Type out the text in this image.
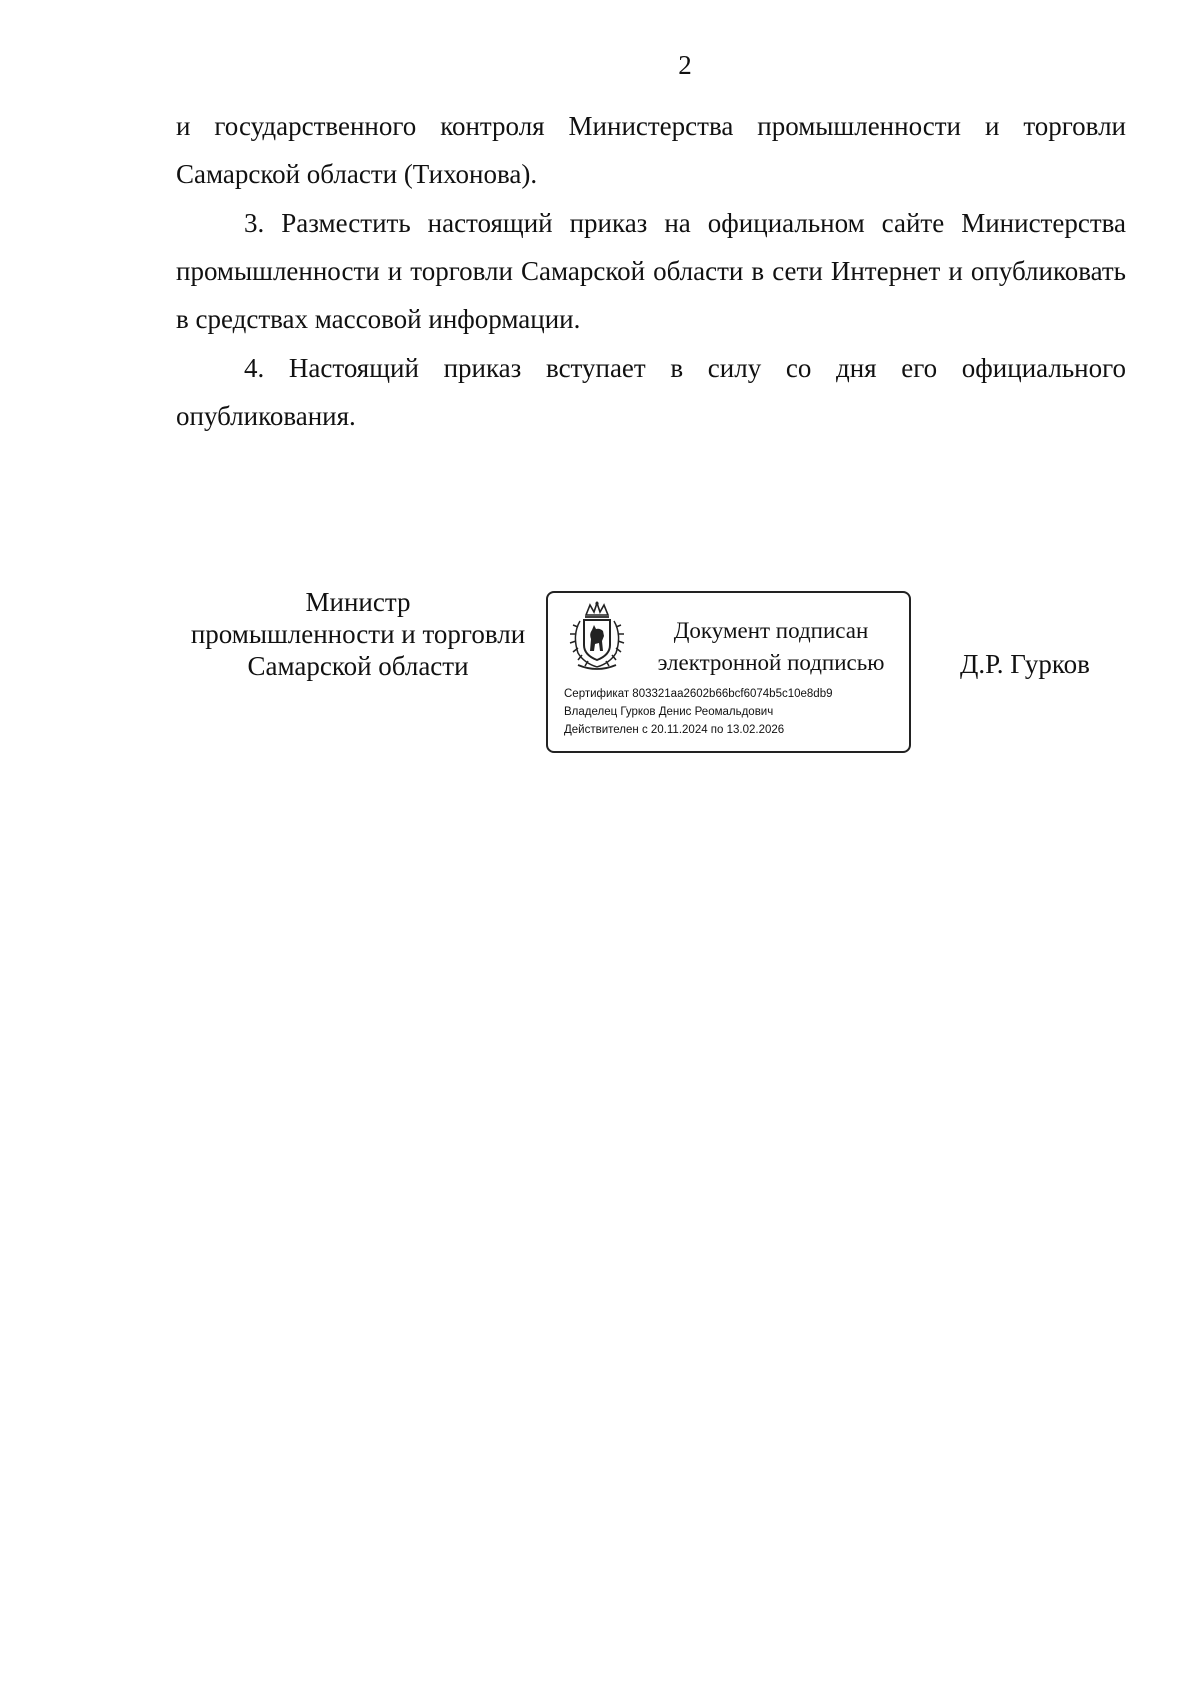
2

и государственного контроля Министерства промышленности и торговли Самарской области (Тихонова).

3. Разместить настоящий приказ на официальном сайте Министерства промышленности и торговли Самарской области в сети Интернет и опубликовать в средствах массовой информации.

4. Настоящий приказ вступает в силу со дня его официального опубликования.

Министр
промышленности и торговли
Самарской области
Документ подписан
электронной подписью
Сертификат 803321aa2602b66bcf6074b5c10e8db9
Владелец Гурков Денис Реомальдович
Действителен с 20.11.2024 по 13.02.2026
Д.Р. Гурков
